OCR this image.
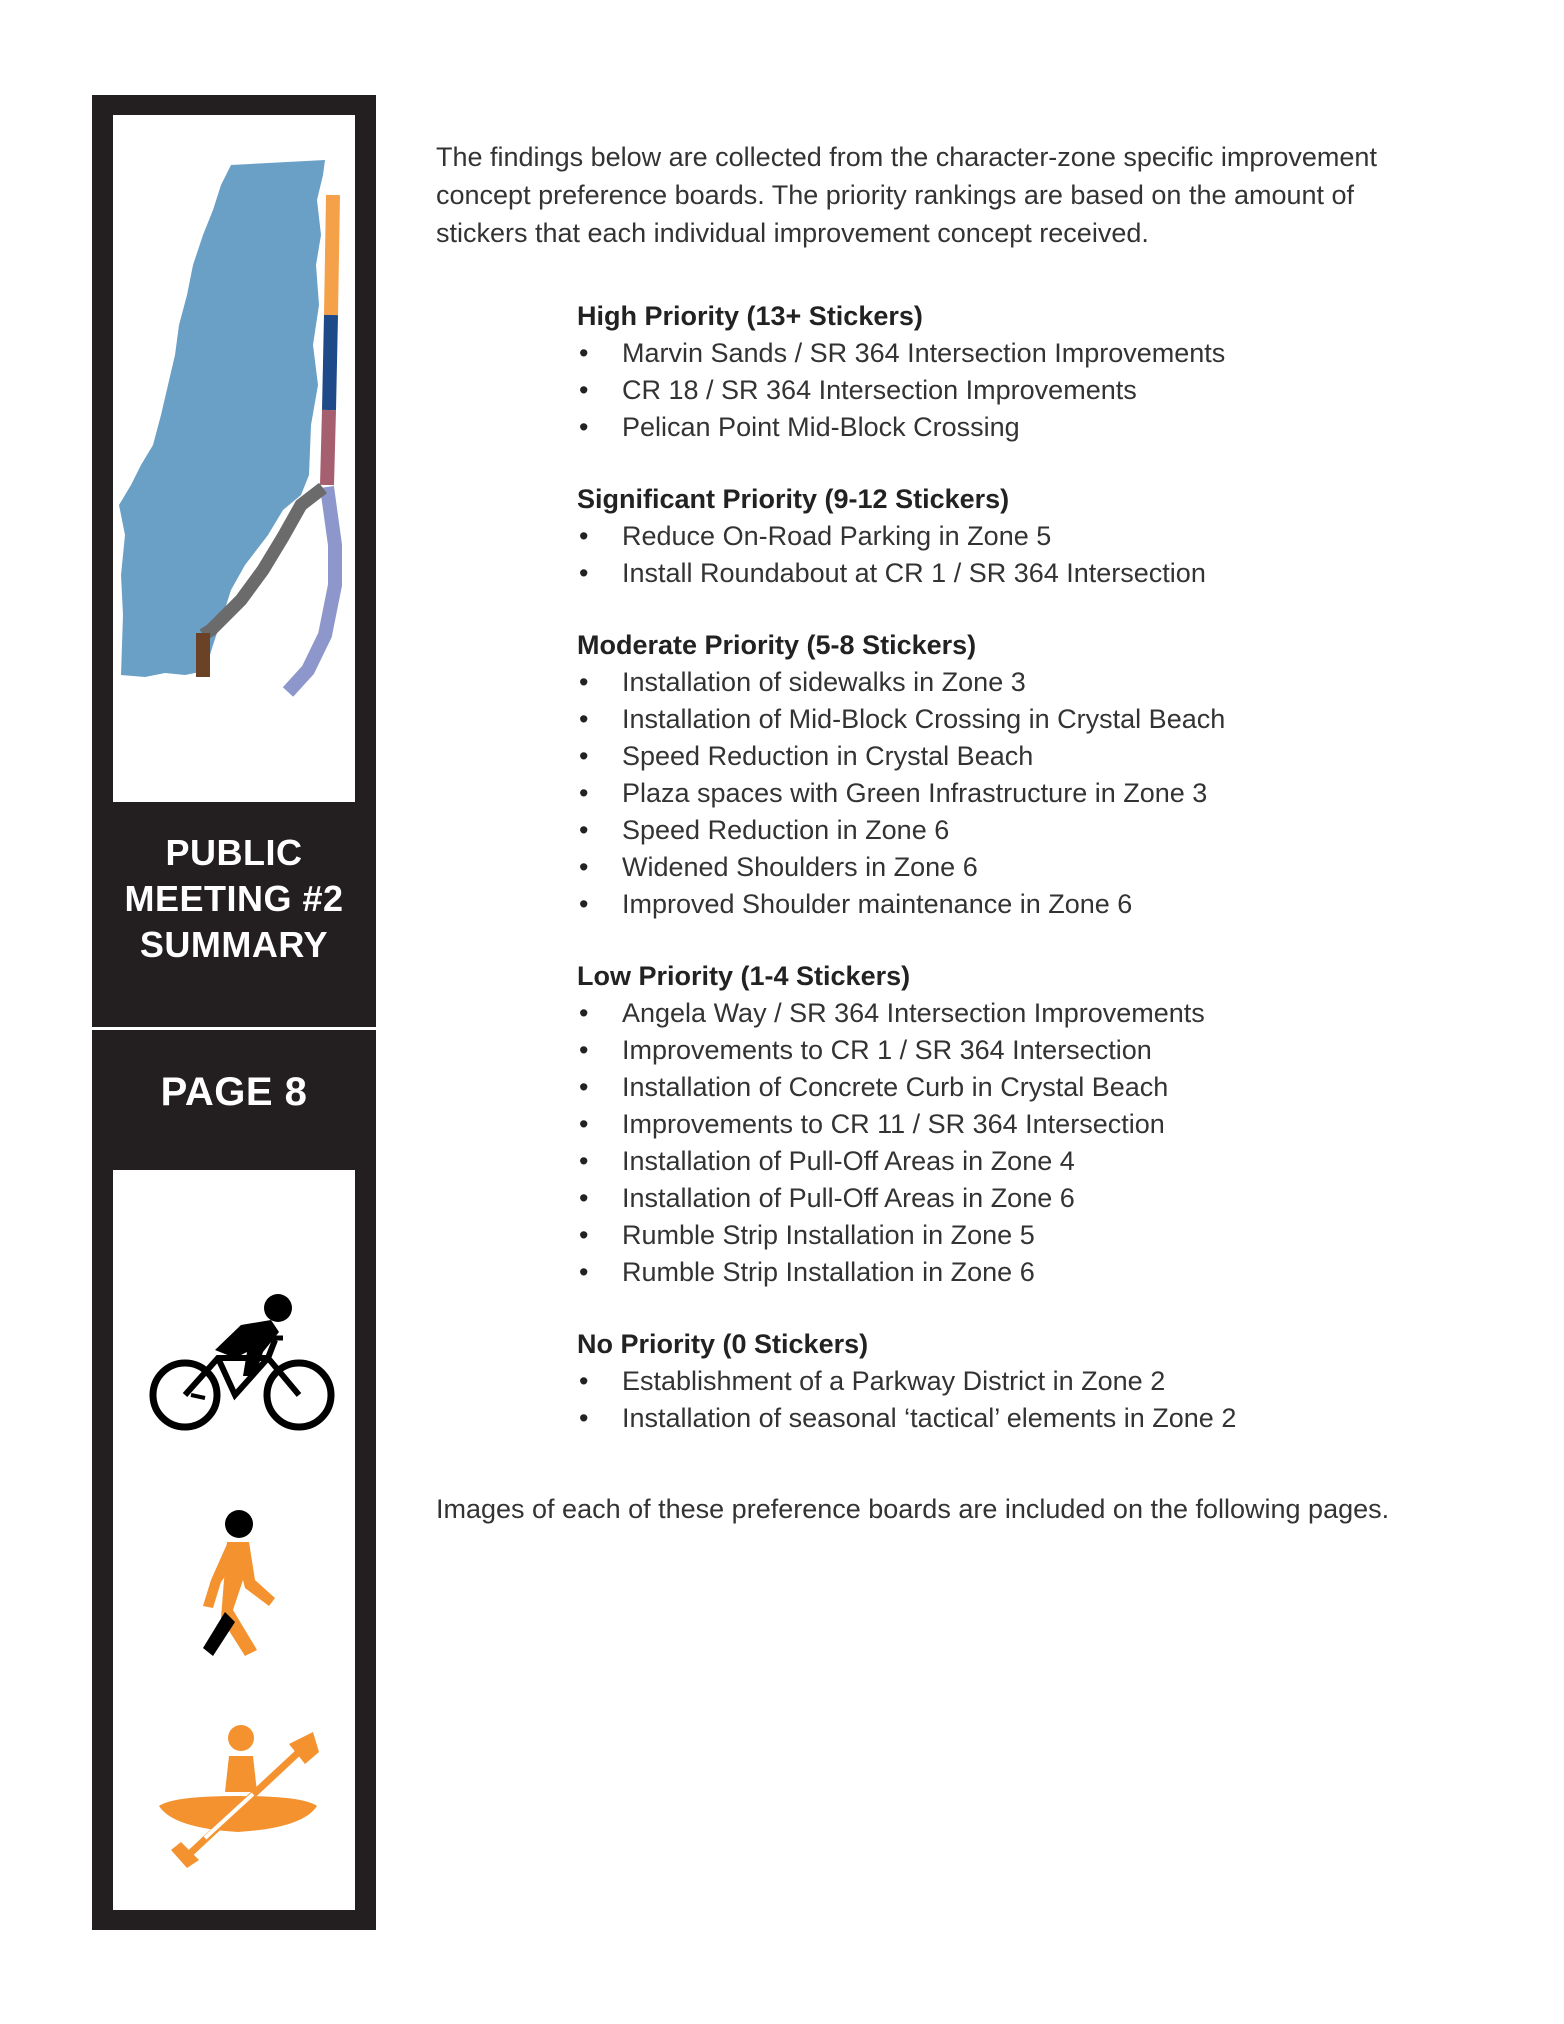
PUBLIC
MEETING #2
SUMMARY
PAGE 8

The findings below are collected from the character-zone specific improvement concept preference boards. The priority rankings are based on the amount of stickers that each individual improvement concept received.

High Priority (13+ Stickers)
• Marvin Sands / SR 364 Intersection Improvements
• CR 18 / SR 364 Intersection Improvements
• Pelican Point Mid-Block Crossing
Significant Priority (9-12 Stickers)
• Reduce On-Road Parking in Zone 5
• Install Roundabout at CR 1 / SR 364 Intersection
Moderate Priority (5-8 Stickers)
• Installation of sidewalks in Zone 3
• Installation of Mid-Block Crossing in Crystal Beach
• Speed Reduction in Crystal Beach
• Plaza spaces with Green Infrastructure in Zone 3
• Speed Reduction in Zone 6
• Widened Shoulders in Zone 6
• Improved Shoulder maintenance in Zone 6
Low Priority (1-4 Stickers)
• Angela Way / SR 364 Intersection Improvements
• Improvements to CR 1 / SR 364 Intersection
• Installation of Concrete Curb in Crystal Beach
• Improvements to CR 11 / SR 364 Intersection
• Installation of Pull-Off Areas in Zone 4
• Installation of Pull-Off Areas in Zone 6
• Rumble Strip Installation in Zone 5
• Rumble Strip Installation in Zone 6
No Priority (0 Stickers)
• Establishment of a Parkway District in Zone 2
• Installation of seasonal ‘tactical’ elements in Zone 2

Images of each of these preference boards are included on the following pages.
